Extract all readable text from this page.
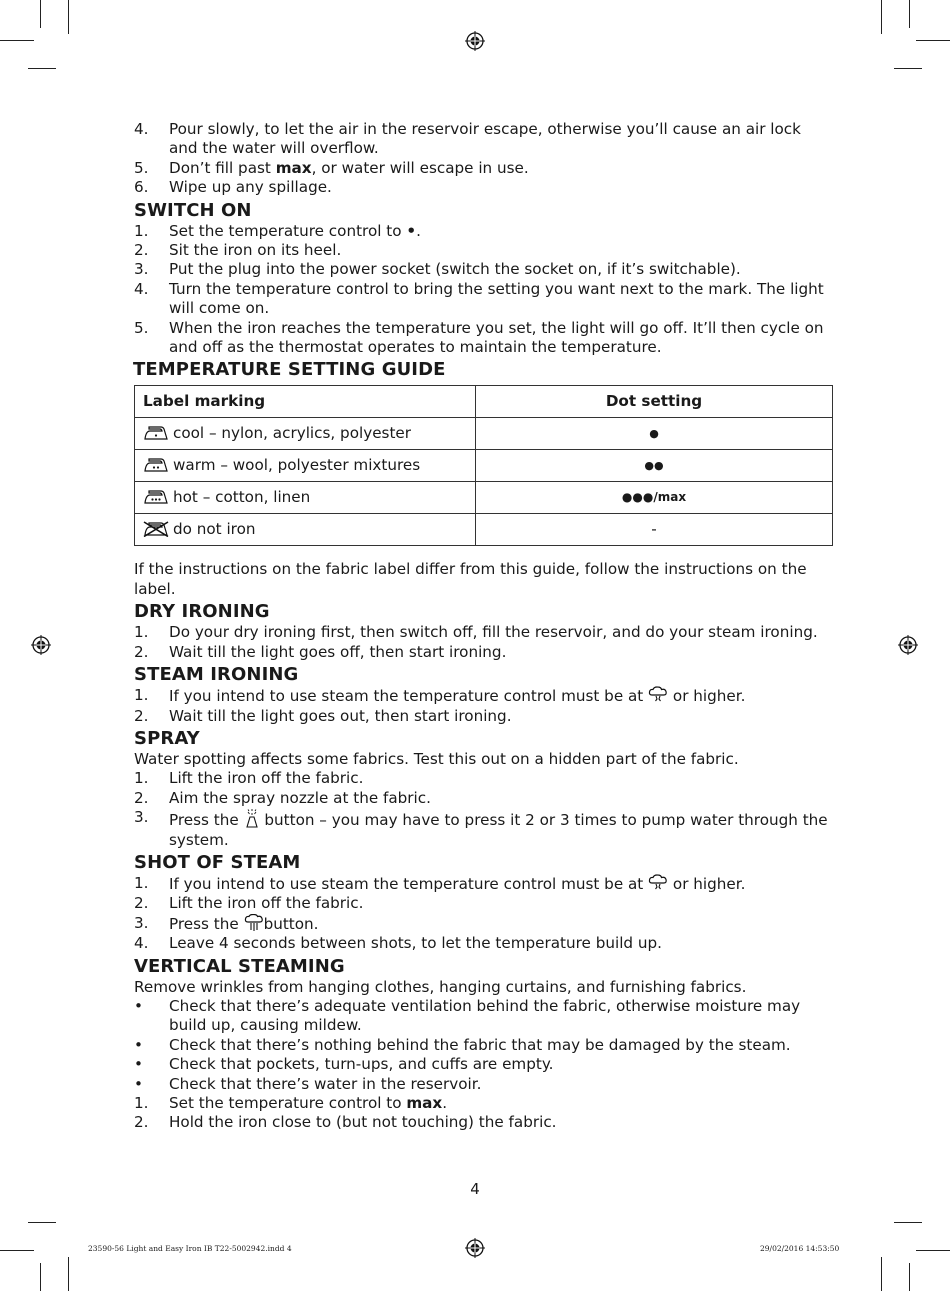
4. Pour slowly, to let the air in the reservoir escape, otherwise you’ll cause an air lock and the water will overflow.
5. Don’t fill past max, or water will escape in use.
6. Wipe up any spillage.
SWITCH ON
1. Set the temperature control to •.
2. Sit the iron on its heel.
3. Put the plug into the power socket (switch the socket on, if it’s switchable).
4. Turn the temperature control to bring the setting you want next to the mark. The light will come on.
5. When the iron reaches the temperature you set, the light will go off. It’ll then cycle on and off as the thermostat operates to maintain the temperature.
TEMPERATURE SETTING GUIDE
Label marking	Dot setting
cool – nylon, acrylics, polyester	●
warm – wool, polyester mixtures	●●
hot – cotton, linen	●●●/max
do not iron	-

If the instructions on the fabric label differ from this guide, follow the instructions on the label.

DRY IRONING
1. Do your dry ironing first, then switch off, fill the reservoir, and do your steam ironing.
2. Wait till the light goes off, then start ironing.
STEAM IRONING
1. If you intend to use steam the temperature control must be at  or higher.
2. Wait till the light goes out, then start ironing.
SPRAY

Water spotting affects some fabrics. Test this out on a hidden part of the fabric.

1. Lift the iron off the fabric.
2. Aim the spray nozzle at the fabric.
3. Press the  button – you may have to press it 2 or 3 times to pump water through the system.
SHOT OF STEAM
1. If you intend to use steam the temperature control must be at  or higher.
2. Lift the iron off the fabric.
3. Press the button.
4. Leave 4 seconds between shots, to let the temperature build up.
VERTICAL STEAMING

Remove wrinkles from hanging clothes, hanging curtains, and furnishing fabrics.

• Check that there’s adequate ventilation behind the fabric, otherwise moisture may build up, causing mildew.
• Check that there’s nothing behind the fabric that may be damaged by the steam.
• Check that pockets, turn-ups, and cuffs are empty.
• Check that there’s water in the reservoir.
1. Set the temperature control to max.
2. Hold the iron close to (but not touching) the fabric.
4
23590-56 Light and Easy Iron IB T22-5002942.indd 4	29/02/2016 14:53:50
